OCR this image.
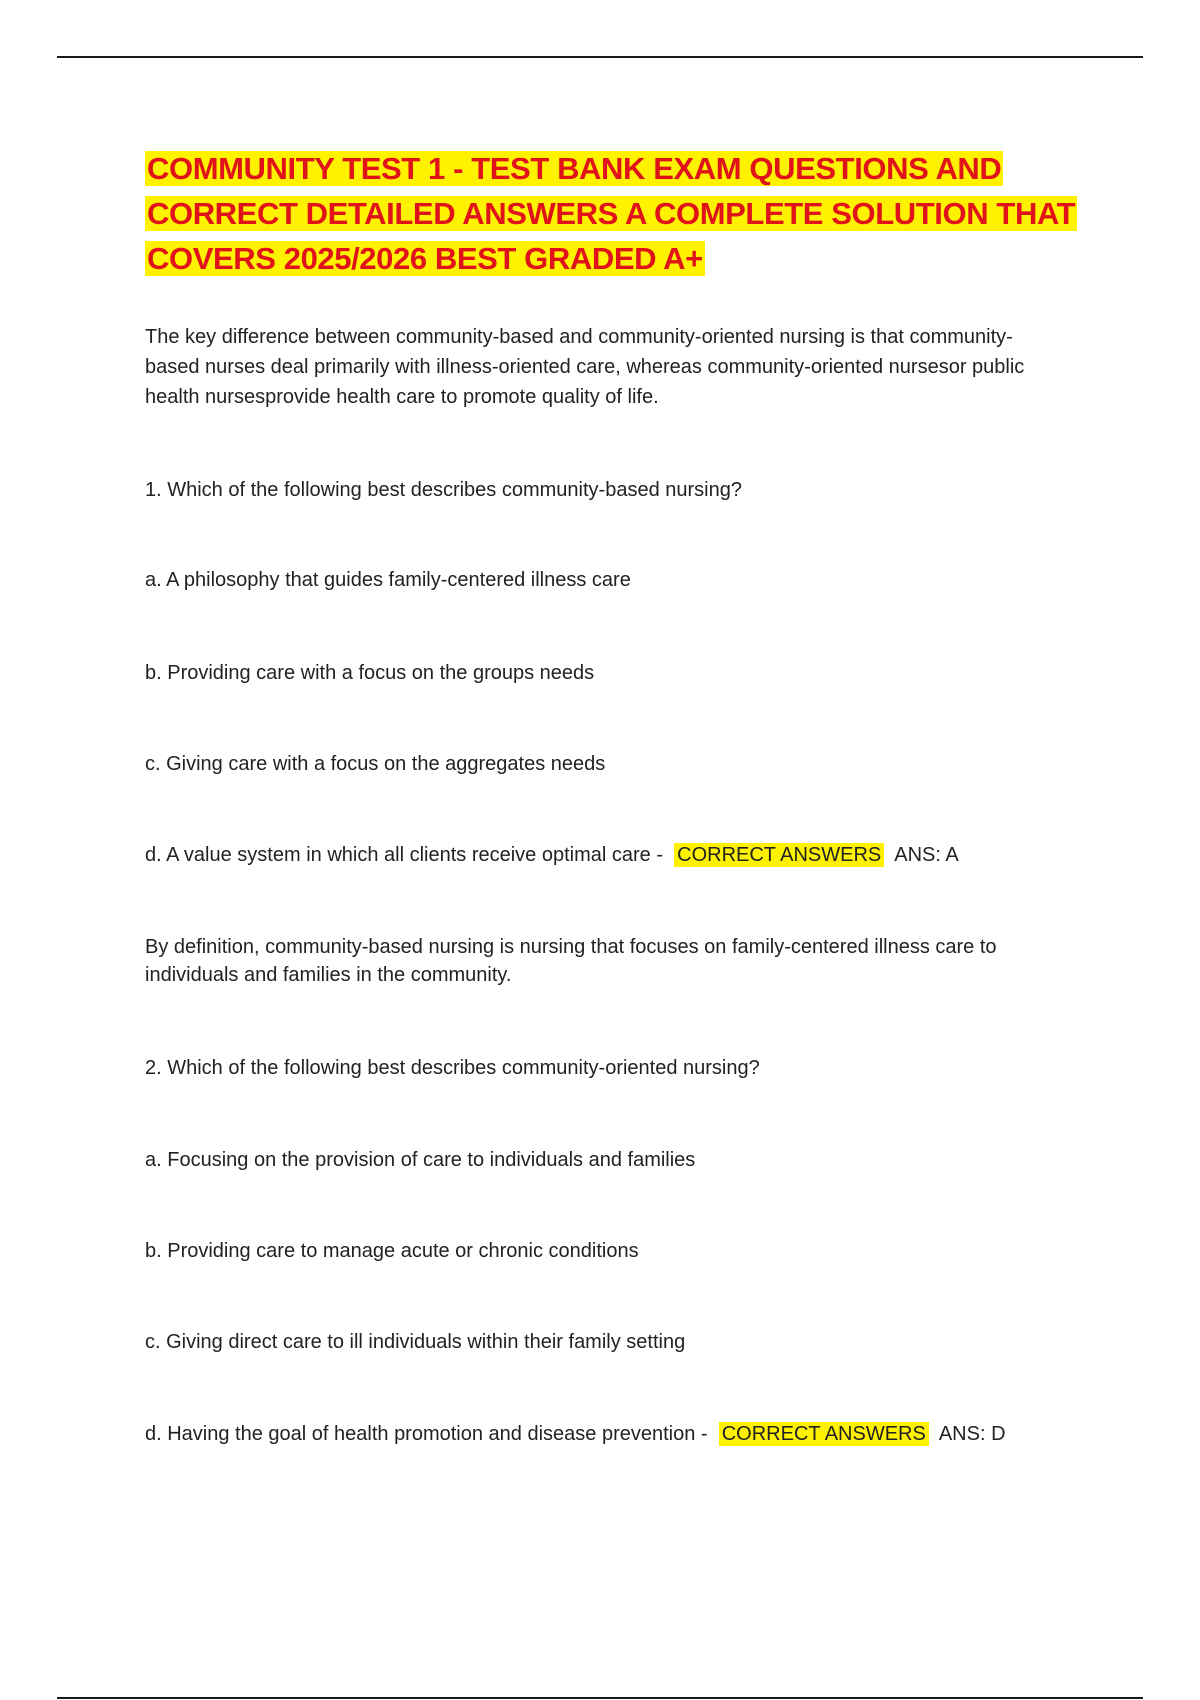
COMMUNITY TEST 1 - TEST BANK EXAM QUESTIONS AND CORRECT DETAILED ANSWERS A COMPLETE SOLUTION THAT COVERS 2025/2026 BEST GRADED A+

The key difference between community-based and community-oriented nursing is that community-based nurses deal primarily with illness-oriented care, whereas community-oriented nursesor public health nursesprovide health care to promote quality of life.

1. Which of the following best describes community-based nursing?

a. A philosophy that guides family-centered illness care

b. Providing care with a focus on the groups needs

c. Giving care with a focus on the aggregates needs

d. A value system in which all clients receive optimal care - CORRECT ANSWERS ANS: A

By definition, community-based nursing is nursing that focuses on family-centered illness care to individuals and families in the community.

2. Which of the following best describes community-oriented nursing?

a. Focusing on the provision of care to individuals and families

b. Providing care to manage acute or chronic conditions

c. Giving direct care to ill individuals within their family setting

d. Having the goal of health promotion and disease prevention - CORRECT ANSWERS ANS: D
